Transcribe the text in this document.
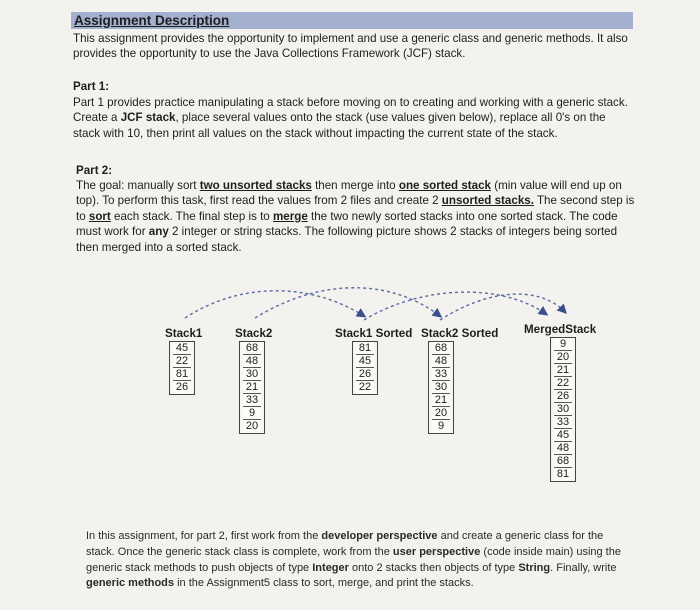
Assignment Description

This assignment provides the opportunity to implement and use a generic class and generic methods. It also provides the opportunity to use the Java Collections Framework (JCF) stack.

Part 1:

Part 1 provides practice manipulating a stack before moving on to creating and working with a generic stack. Create a JCF stack, place several values onto the stack (use values given below), replace all 0's on the stack with 10, then print all values on the stack without impacting the current state of the stack.

Part 2:

The goal: manually sort two unsorted stacks then merge into one sorted stack (min value will end up on top). To perform this task, first read the values from 2 files and create 2 unsorted stacks. The second step is to sort each stack. The final step is to merge the two newly sorted stacks into one sorted stack. The code must work for any 2 integer or string stacks. The following picture shows 2 stacks of integers being sorted then merged into a sorted stack.

Stack1
45
22
81
26
Stack2
68
48
30
21
33
9
20
Stack1 Sorted
81
45
26
22
Stack2 Sorted
68
48
33
30
21
20
9
MergedStack
9
20
21
22
26
30
33
45
48
68
81

In this assignment, for part 2, first work from the developer perspective and create a generic class for the stack. Once the generic stack class is complete, work from the user perspective (code inside main) using the generic stack methods to push objects of type Integer onto 2 stacks then objects of type String. Finally, write generic methods in the Assignment5 class to sort, merge, and print the stacks.
